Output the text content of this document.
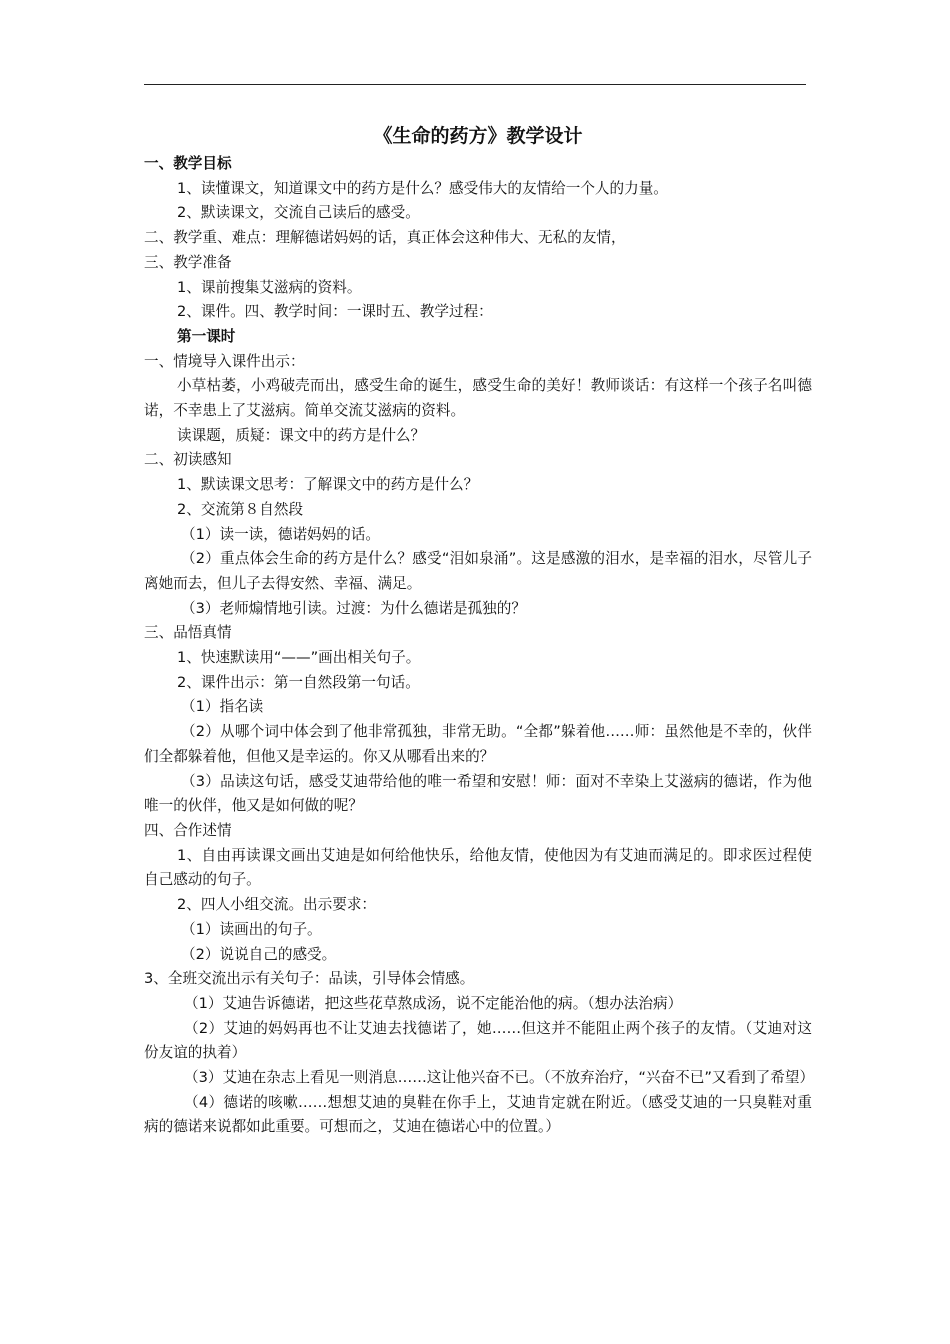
《生命的药方》教学设计
一、教学目标
1、读懂课文，知道课文中的药方是什么？感受伟大的友情给一个人的力量。
2、默读课文，交流自己读后的感受。
二、教学重、难点：理解德诺妈妈的话，真正体会这种伟大、无私的友情，
三、教学准备
1、课前搜集艾滋病的资料。
2、课件。四、教学时间：一课时五、教学过程：
第一课时
一、情境导入课件出示：
小草枯萎，小鸡破壳而出，感受生命的诞生，感受生命的美好！教师谈话：有这样一个孩子名叫德诺，不幸患上了艾滋病。简单交流艾滋病的资料。
读课题，质疑：课文中的药方是什么？
二、初读感知
1、默读课文思考：了解课文中的药方是什么？
2、交流第８自然段
（1）读一读，德诺妈妈的话。
（2）重点体会生命的药方是什么？感受“泪如泉涌”。这是感激的泪水，是幸福的泪水，尽管儿子离她而去，但儿子去得安然、幸福、满足。
（3）老师煽情地引读。过渡：为什么德诺是孤独的？
三、品悟真情
1、快速默读用“——”画出相关句子。
2、课件出示：第一自然段第一句话。
（1）指名读
（2）从哪个词中体会到了他非常孤独，非常无助。“全都”躲着他……师：虽然他是不幸的，伙伴们全都躲着他，但他又是幸运的。你又从哪看出来的？
（3）品读这句话，感受艾迪带给他的唯一希望和安慰！师：面对不幸染上艾滋病的德诺，作为他唯一的伙伴，他又是如何做的呢？
四、合作述情
1、自由再读课文画出艾迪是如何给他快乐，给他友情，使他因为有艾迪而满足的。即求医过程使自己感动的句子。
2、四人小组交流。出示要求：
（1）读画出的句子。
（2）说说自己的感受。
3、全班交流出示有关句子：品读，引导体会情感。
（1）艾迪告诉德诺，把这些花草熬成汤，说不定能治他的病。（想办法治病）
（2）艾迪的妈妈再也不让艾迪去找德诺了，她……但这并不能阻止两个孩子的友情。（艾迪对这份友谊的执着）
（3）艾迪在杂志上看见一则消息……这让他兴奋不已。（不放弃治疗，“兴奋不已”又看到了希望）
（4）德诺的咳嗽……想想艾迪的臭鞋在你手上，艾迪肯定就在附近。（感受艾迪的一只臭鞋对重病的德诺来说都如此重要。可想而之，艾迪在德诺心中的位置。）
